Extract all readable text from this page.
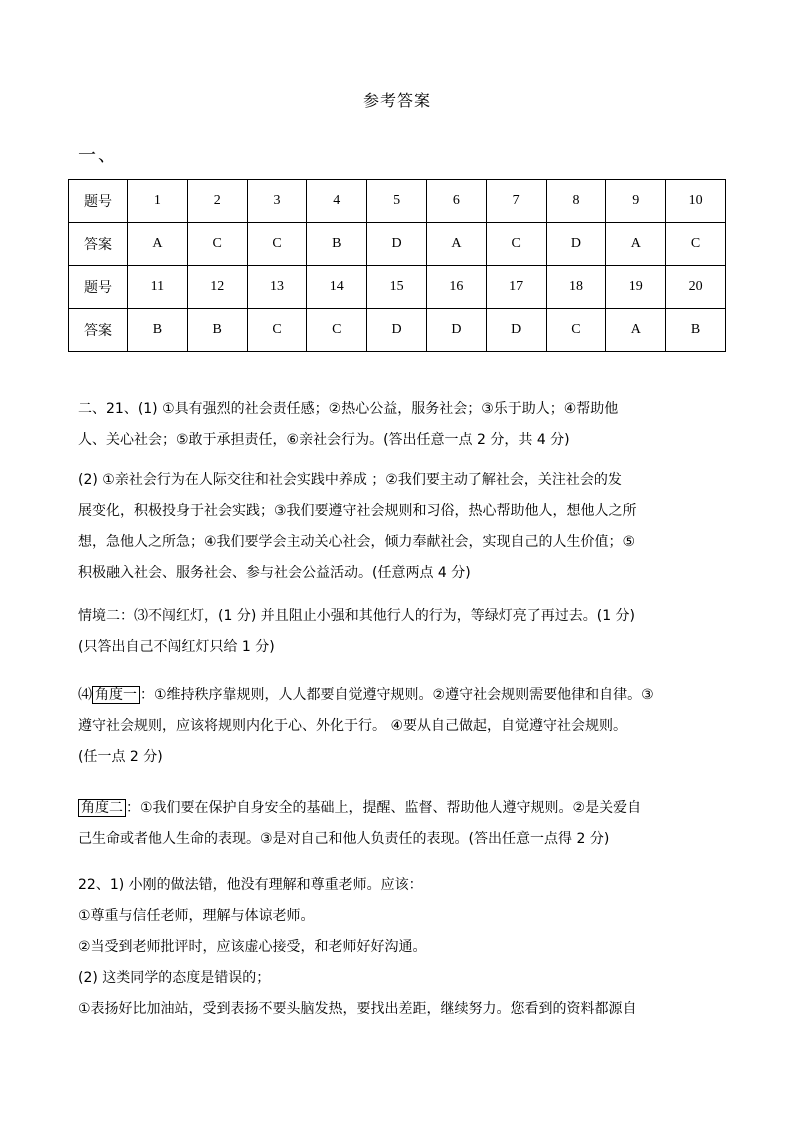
参考答案
一、
题号	1	2	3	4	5	6	7	8	9	10
答案	A	C	C	B	D	A	C	D	A	C
题号	11	12	13	14	15	16	17	18	19	20
答案	B	B	C	C	D	D	D	C	A	B
二、21、(1) ①具有强烈的社会责任感；②热心公益，服务社会；③乐于助人；④帮助他
人、关心社会；⑤敢于承担责任，⑥亲社会行为。(答出任意一点 2 分，共 4 分)
(2) ①亲社会行为在人际交往和社会实践中养成 ；②我们要主动了解社会，关注社会的发
展变化，积极投身于社会实践；③我们要遵守社会规则和习俗，热心帮助他人，想他人之所
想，急他人之所急；④我们要学会主动关心社会，倾力奉献社会，实现自己的人生价值；⑤
积极融入社会、服务社会、参与社会公益活动。(任意两点 4 分)
情境二：⑶不闯红灯，(1 分) 并且阻止小强和其他行人的行为，等绿灯亮了再过去。(1 分)
(只答出自己不闯红灯只给 1 分)
⑷ 角度一 ：①维持秩序靠规则，人人都要自觉遵守规则。②遵守社会规则需要他律和自律。③
遵守社会规则，应该将规则内化于心、外化于行。 ④要从自己做起，自觉遵守社会规则。
(任一点 2 分)
角度二 ：①我们要在保护自身安全的基础上，提醒、监督、帮助他人遵守规则。②是关爱自
己生命或者他人生命的表现。③是对自己和他人负责任的表现。(答出任意一点得 2 分)
22、1) 小刚的做法错，他没有理解和尊重老师。应该：
①尊重与信任老师，理解与体谅老师。
②当受到老师批评时，应该虚心接受，和老师好好沟通。
(2) 这类同学的态度是错误的；
①表扬好比加油站，受到表扬不要头脑发热，要找出差距，继续努力。您看到的资料都源自
